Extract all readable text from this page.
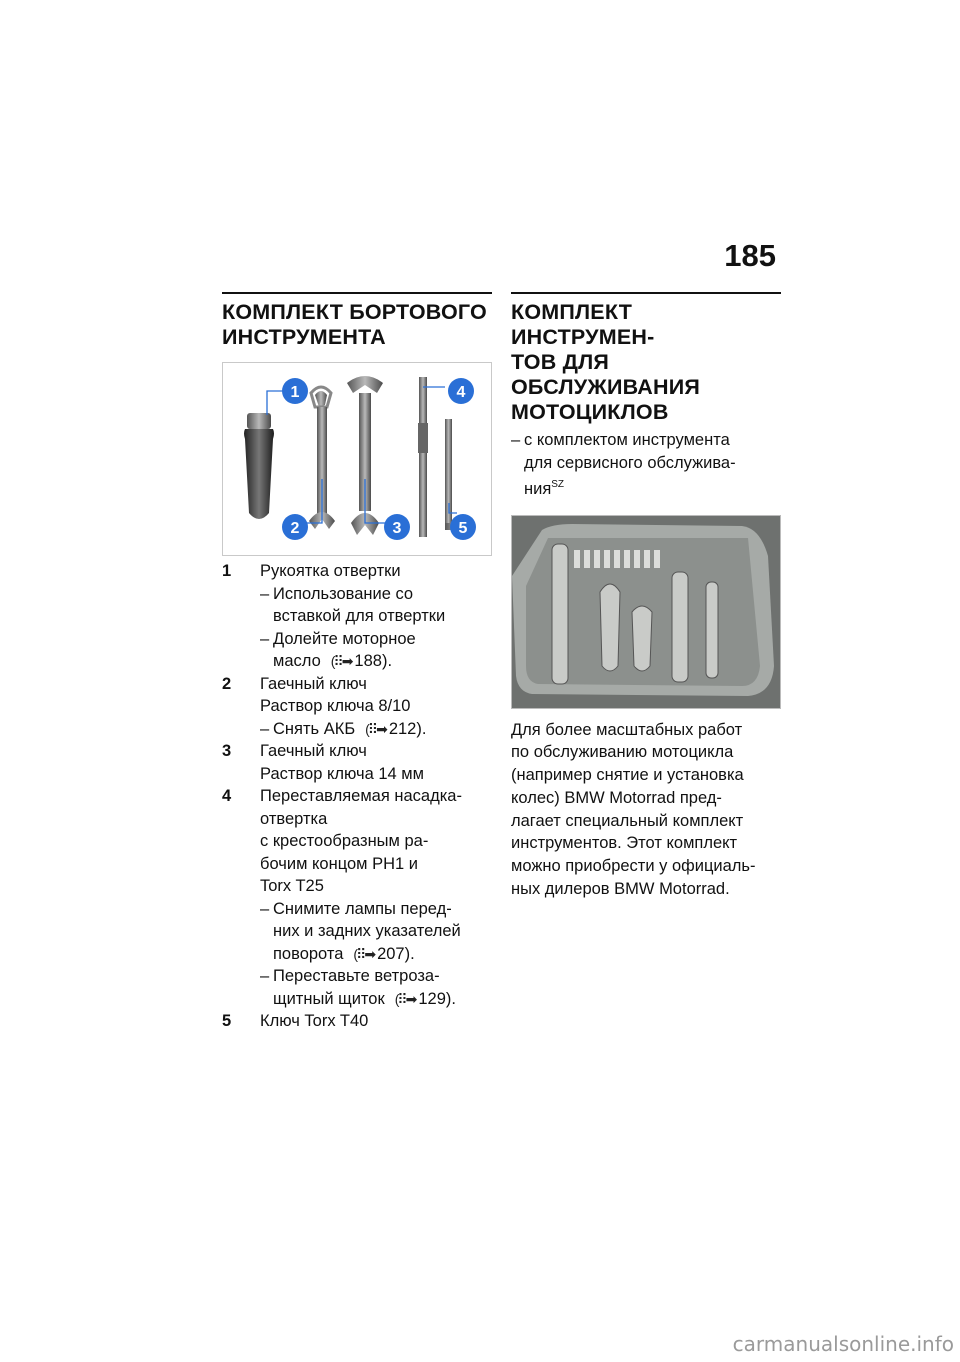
185
КОМПЛЕКТ БОРТОВОГО
ИНСТРУМЕНТА
1
2	3
4
5
1	Рукоятка отвертки
– Использование со
вставкой для отвертки
– Долейте моторное
масло (⠿➡ 188).
2	Гаечный ключ
Раствор ключа 8/10
– Снять АКБ (⠿➡ 212).
3	Гаечный ключ
Раствор ключа 14 мм
4	Переставляемая насадка-
отвертка
с крестообразным ра-
бочим концом PH1 и
Torx T25
– Снимите лампы перед-
них и задних указателей
поворота (⠿➡ 207).
– Переставьте ветроза-
щитный щиток (⠿➡ 129).
5	Ключ Torx T40
КОМПЛЕКТ ИНСТРУМЕН-
ТОВ ДЛЯ ОБСЛУЖИВАНИЯ
МОТОЦИКЛОВ
– с комплектом инструмента
для сервисного обслужива-
ния$^{SZ}$
Для более масштабных работ
по обслуживанию мотоцикла
(например снятие и установка
колес) BMW Motorrad пред-
лагает специальный комплект
инструментов. Этот комплект
можно приобрести у официаль-
ных дилеров BMW Motorrad.
carmanualsonline.info
